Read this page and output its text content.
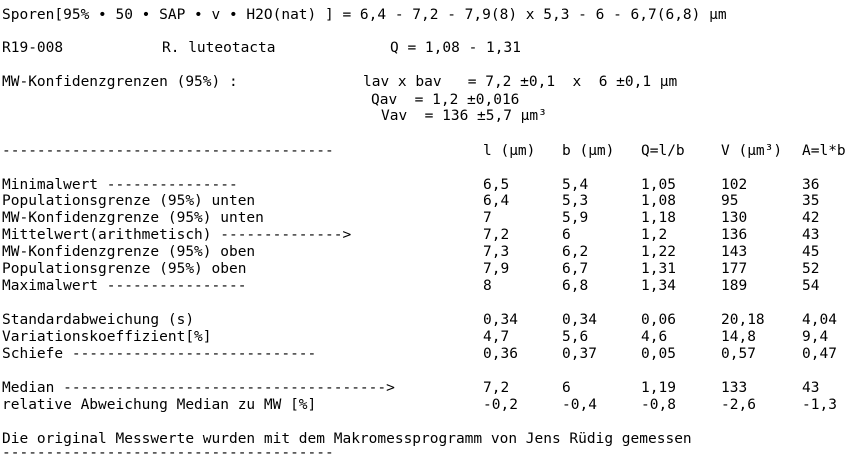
Sporen[95% • 50 • SAP • v • H2O(nat) ] = 6,4 - 7,2 - 7,9(8) x 5,3 - 6 - 6,7(6,8) µm
R19-008	R. luteotacta	Q = 1,08 - 1,31
MW-Konfidenzgrenzen (95%) :	lav x bav   = 7,2 ±0,1  x  6 ±0,1 µm
Qav  = 1,2 ±0,016
Vav  = 136 ±5,7 µm³
--------------------------------------	l (µm) b (µm) Q=l/b	V (µm³) A=l*b
Minimalwert ---------------	6,5	5,4	1,05	102	36
Populationsgrenze (95%) unten	6,4	5,3	1,08	95	35
MW-Konfidenzgrenze (95%) unten	7	5,9	1,18	130	42
Mittelwert(arithmetisch) -------------->	7,2	6	1,2	136	43
MW-Konfidenzgrenze (95%) oben	7,3	6,2	1,22	143	45
Populationsgrenze (95%) oben	7,9	6,7	1,31	177	52
Maximalwert ----------------	8	6,8	1,34	189	54
Standardabweichung (s)	0,34	0,34	0,06	20,18	4,04
Variationskoeffizient[%]	4,7	5,6	4,6	14,8	9,4
Schiefe ----------------------------	0,36	0,37	0,05	0,57	0,47
Median ------------------------------------->	7,2	6	1,19	133	43
relative Abweichung Median zu MW [%]	-0,2	-0,4	-0,8	-2,6	-1,3
Die original Messwerte wurden mit dem Makromessprogramm von Jens Rüdig gemessen
--------------------------------------
